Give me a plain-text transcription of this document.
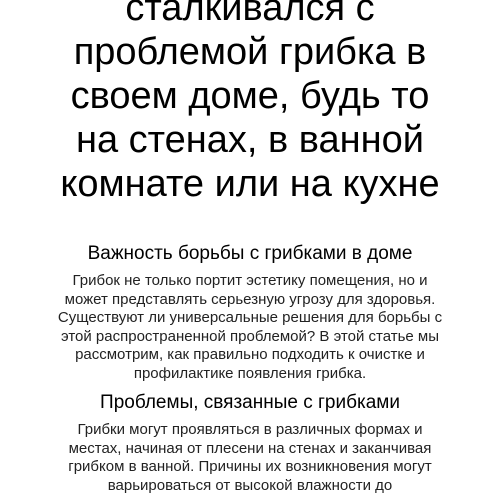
сталкивался с
проблемой грибка в
своем доме, будь то
на стенах, в ванной
комнате или на кухне
Важность борьбы с грибками в доме

Грибок не только портит эстетику помещения, но и
может представлять серьезную угрозу для здоровья.
Существуют ли универсальные решения для борьбы с
этой распространенной проблемой? В этой статье мы
рассмотрим, как правильно подходить к очистке и
профилактике появления грибка.

Проблемы, связанные с грибками

Грибки могут проявляться в различных формах и
местах, начиная от плесени на стенах и заканчивая
грибком в ванной. Причины их возникновения могут
варьироваться от высокой влажности до
